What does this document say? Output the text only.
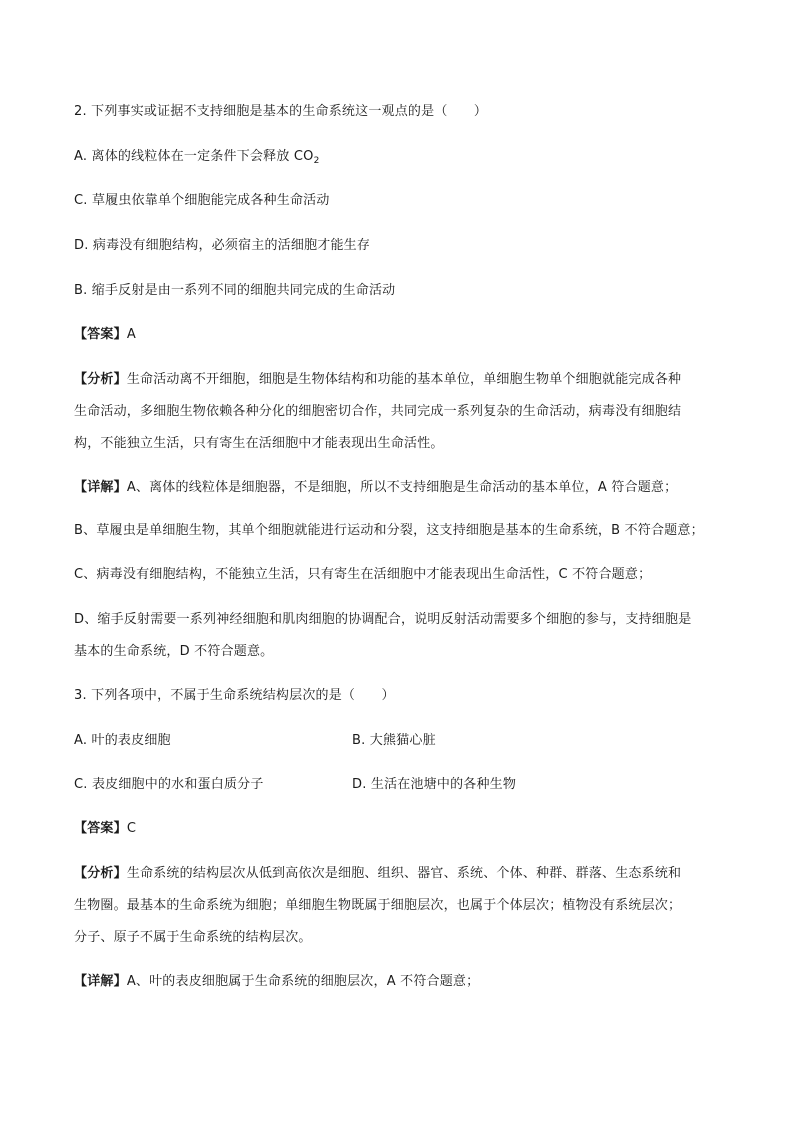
2. 下列事实或证据不支持细胞是基本的生命系统这一观点的是（　　）
A. 离体的线粒体在一定条件下会释放 $CO_2$
C. 草履虫依靠单个细胞能完成各种生命活动
D. 病毒没有细胞结构，必须宿主的活细胞才能生存
B. 缩手反射是由一系列不同的细胞共同完成的生命活动
【答案】A
【分析】生命活动离不开细胞，细胞是生物体结构和功能的基本单位，单细胞生物单个细胞就能完成各种
生命活动，多细胞生物依赖各种分化的细胞密切合作，共同完成一系列复杂的生命活动，病毒没有细胞结
构，不能独立生活，只有寄生在活细胞中才能表现出生命活性。
【详解】A、离体的线粒体是细胞器，不是细胞，所以不支持细胞是生命活动的基本单位，A 符合题意；
B、草履虫是单细胞生物，其单个细胞就能进行运动和分裂，这支持细胞是基本的生命系统，B 不符合题意；
C、病毒没有细胞结构，不能独立生活，只有寄生在活细胞中才能表现出生命活性，C 不符合题意；
D、缩手反射需要一系列神经细胞和肌肉细胞的协调配合，说明反射活动需要多个细胞的参与，支持细胞是
基本的生命系统，D 不符合题意。
3. 下列各项中，不属于生命系统结构层次的是（　　）
A. 叶的表皮细胞	B. 大熊猫心脏
C. 表皮细胞中的水和蛋白质分子	D. 生活在池塘中的各种生物
【答案】C
【分析】生命系统的结构层次从低到高依次是细胞、组织、器官、系统、个体、种群、群落、生态系统和
生物圈。最基本的生命系统为细胞；单细胞生物既属于细胞层次，也属于个体层次；植物没有系统层次；
分子、原子不属于生命系统的结构层次。
【详解】A、叶的表皮细胞属于生命系统的细胞层次，A 不符合题意；
